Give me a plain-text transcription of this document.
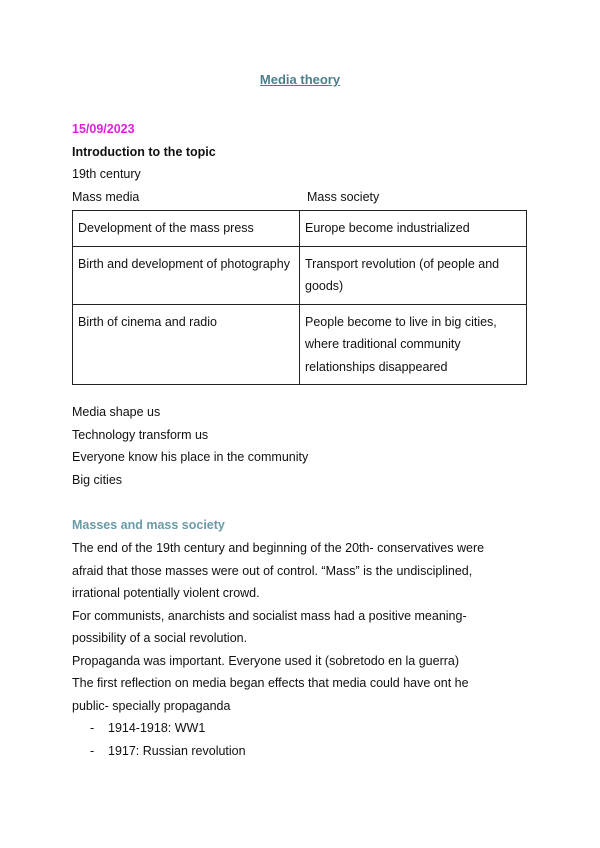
Media theory
15/09/2023
Introduction to the topic
19th century
Mass media	Mass society
Development of the mass press	Europe become industrialized
Birth and development of photography	Transport revolution (of people and goods)
Birth of cinema and radio	People become to live in big cities, where traditional community relationships disappeared
Media shape us
Technology transform us
Everyone know his place in the community
Big cities
Masses and mass society
The end of the 19th century and beginning of the 20th- conservatives were
afraid that those masses were out of control. “Mass” is the undisciplined,
irrational potentially violent crowd.
For communists, anarchists and socialist mass had a positive meaning-
possibility of a social revolution.
Propaganda was important. Everyone used it (sobretodo en la guerra)
The first reflection on media began effects that media could have ont he
public- specially propaganda
- 1914-1918: WW1
- 1917: Russian revolution
